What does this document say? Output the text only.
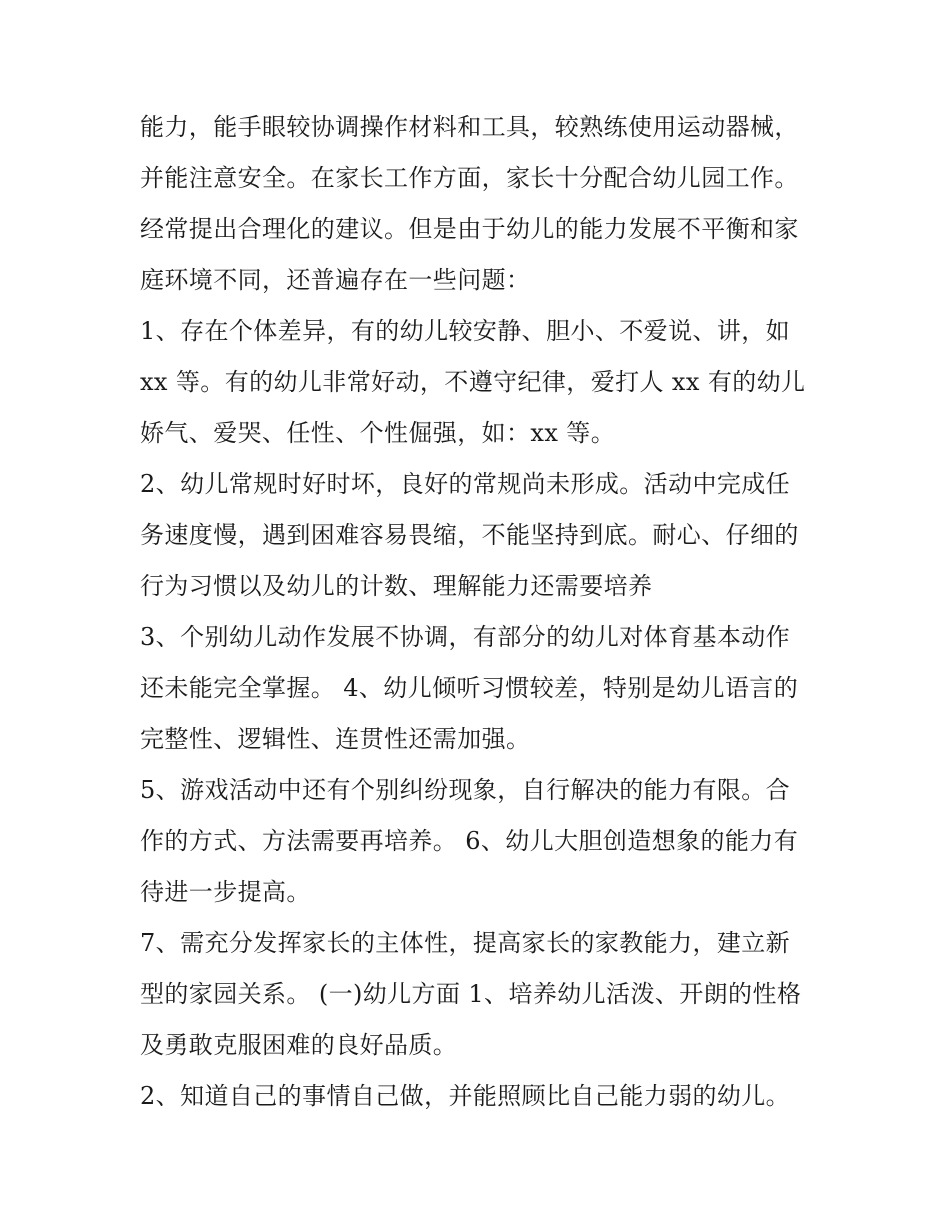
能力，能手眼较协调操作材料和工具，较熟练使用运动器械，
并能注意安全。在家长工作方面，家长十分配合幼儿园工作。
经常提出合理化的建议。但是由于幼儿的能力发展不平衡和家
庭环境不同，还普遍存在一些问题：
1、存在个体差异，有的幼儿较安静、胆小、不爱说、讲，如
xx 等。有的幼儿非常好动，不遵守纪律，爱打人 xx 有的幼儿
娇气、爱哭、任性、个性倔强，如：xx 等。
2、幼儿常规时好时坏，良好的常规尚未形成。活动中完成任
务速度慢，遇到困难容易畏缩，不能坚持到底。耐心、仔细的
行为习惯以及幼儿的计数、理解能力还需要培养
3、个别幼儿动作发展不协调，有部分的幼儿对体育基本动作
还未能完全掌握。 4、幼儿倾听习惯较差，特别是幼儿语言的
完整性、逻辑性、连贯性还需加强。
5、游戏活动中还有个别纠纷现象，自行解决的能力有限。合
作的方式、方法需要再培养。 6、幼儿大胆创造想象的能力有
待进一步提高。
7、需充分发挥家长的主体性，提高家长的家教能力，建立新
型的家园关系。 (一)幼儿方面 1、培养幼儿活泼、开朗的性格
及勇敢克服困难的良好品质。
2、知道自己的事情自己做，并能照顾比自己能力弱的幼儿。
